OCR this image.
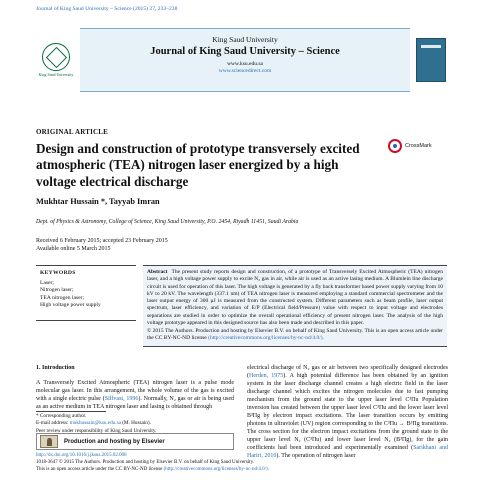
Journal of King Saud University – Science (2015) 27, 233–238
King Saud University
King Saud University
Journal of King Saud University – Science
www.ksu.edu.sa
www.sciencedirect.com
ORIGINAL ARTICLE
Design and construction of prototype transversely excited atmospheric (TEA) nitrogen laser energized by a high voltage electrical discharge
CrossMark
Mukhtar Hussain *, Tayyab Imran
Dept. of Physics & Astronomy, College of Science, King Saud University, P.O. 2454, Riyadh 11451, Saudi Arabia
Received 6 February 2015; accepted 23 February 2015
Available online 5 March 2015
KEYWORDS
Laser;
Nitrogen laser;
TEA nitrogen laser;
High voltage power supply
Abstract The present study reports design and construction, of a prototype of Transversely Excited Atmospheric (TEA) nitrogen laser, and a high voltage power supply to excite N₂ gas in air, while air is used as an active lasing medium. A Blumlein line discharge circuit is used for operation of this laser. The high voltage is generated by a fly back transformer based power supply varying from 10 kV to 20 kV. The wavelength (337.1 nm) of TEA nitrogen laser is measured employing a standard commercial spectrometer and the laser output energy of 300 μJ is measured from the constructed system. Different parameters such as beam profile, laser output spectrum, laser efficiency, and variation of E/P (Electrical field/Pressure) value with respect to input voltage and electrodes separations are studied in order to optimize the overall operational efficiency of present nitrogen laser. The analysis of the high voltage prototype appeared in this designed source has also been made and described in this paper.
© 2015 The Authors. Production and hosting by Elsevier B.V. on behalf of King Saud University. This is an open access article under the CC BY-NC-ND license (http://creativecommons.org/licenses/by-nc-nd/4.0/).
1. Introduction
A Transversely Excited Atmospheric (TEA) nitrogen laser is a pulse mode molecular gas laser. In this arrangement, the whole volume of the gas is excited with a single electric pulse (Silfvast, 1996). Normally, N₂ gas or air is being used as an active medium in TEA nitrogen laser and lasing is obtained through
electrical discharge of N₂ gas or air between two specifically designed electrodes (Herden, 1975). A high potential difference has been obtained by an ignition system in the laser discharge channel creates a high electric field in the laser discharge channel which excites the nitrogen molecules due to fast pumping mechanism from the ground state to the upper laser level C³Πu Population inversion has created between the upper laser level C³Πu and the lower laser level B³Πg by electron impact excitations. The laser transition occurs by emitting photons in ultraviolet (UV) region corresponding to the C³Πu → B³Πg transitions. The cross section for the electron impact excitations from the ground state to the upper laser level N₂ (C³Πu) and lower laser level N₂ (B³Πg), for the gain coefficients had been introduced and experimentally examined (Sarikhani and Hariri, 2010). The operation of nitrogen laser
* Corresponding author.
E-mail address: mukhussain@ksu.edu.sa (M. Hussain).
Peer review under responsibility of King Saud University.
Production and hosting by Elsevier
http://dx.doi.org/10.1016/j.jksus.2015.02.008
1018-3647 © 2015 The Authors. Production and hosting by Elsevier B.V. on behalf of King Saud University.
This is an open access article under the CC BY-NC-ND license (http://creativecommons.org/licenses/by-nc-nd/4.0/).
